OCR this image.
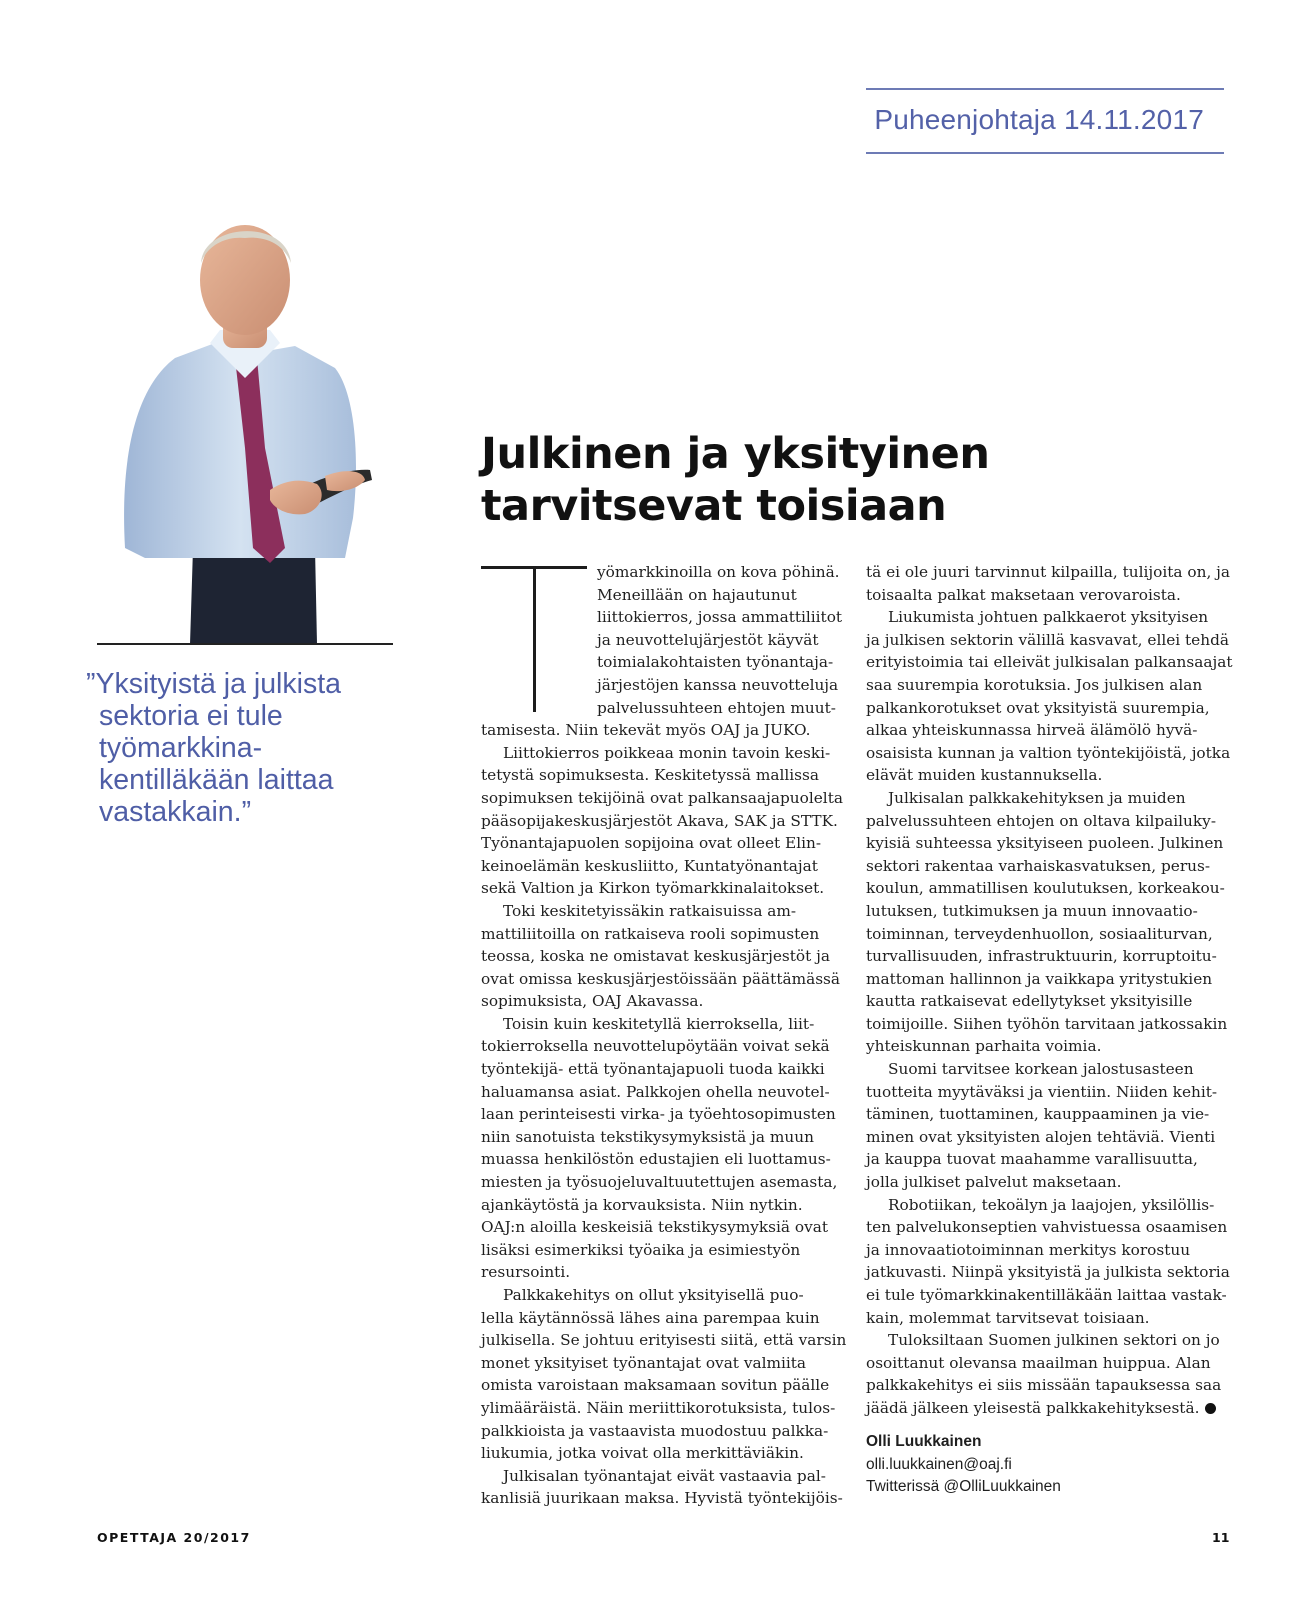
Puheenjohtaja 14.11.2017

”Yksityistä ja julkista
sektoria ei tule
työmarkkina-
kentilläkään laittaa
vastakkain.”

Julkinen ja yksityinen
tarvitsevat toisiaan
yömarkkinoilla on kova pöhinä.
Meneillään on hajautunut
liittokierros, jossa ammattiliitot
ja neuvottelujärjestöt käyvät
toimialakohtaisten työnantaja-
järjestöjen kanssa neuvotteluja
palvelussuhteen ehtojen muut-
tamisesta. Niin tekevät myös OAJ ja JUKO.
Liittokierros poikkeaa monin tavoin keski-
tetystä sopimuksesta. Keskitetyssä mallissa
sopimuksen tekijöinä ovat palkansaajapuolelta
pääsopijakeskusjärjestöt Akava, SAK ja STTK.
Työnantajapuolen sopijoina ovat olleet Elin-
keinoelämän keskusliitto, Kuntatyönantajat
sekä Valtion ja Kirkon työmarkkinalaitokset.
Toki keskitetyissäkin ratkaisuissa am-
mattiliitoilla on ratkaiseva rooli sopimusten
teossa, koska ne omistavat keskusjärjestöt ja
ovat omissa keskusjärjestöissään päättämässä
sopimuksista, OAJ Akavassa.
Toisin kuin keskitetyllä kierroksella, liit-
tokierroksella neuvottelupöytään voivat sekä
työntekijä- että työnantajapuoli tuoda kaikki
haluamansa asiat. Palkkojen ohella neuvotel-
laan perinteisesti virka- ja työehtosopimusten
niin sanotuista tekstikysymyksistä ja muun
muassa henkilöstön edustajien eli luottamus-
miesten ja työsuojeluvaltuutettujen asemasta,
ajankäytöstä ja korvauksista. Niin nytkin.
OAJ:n aloilla keskeisiä tekstikysymyksiä ovat
lisäksi esimerkiksi työaika ja esimiestyön
resursointi.
Palkkakehitys on ollut yksityisellä puo-
lella käytännössä lähes aina parempaa kuin
julkisella. Se johtuu erityisesti siitä, että varsin
monet yksityiset työnantajat ovat valmiita
omista varoistaan maksamaan sovitun päälle
ylimääräistä. Näin meriittikorotuksista, tulos-
palkkioista ja vastaavista muodostuu palkka-
liukumia, jotka voivat olla merkittäviäkin.
Julkisalan työnantajat eivät vastaavia pal-
kanlisiä juurikaan maksa. Hyvistä työntekijöis-
tä ei ole juuri tarvinnut kilpailla, tulijoita on, ja
toisaalta palkat maksetaan verovaroista.
Liukumista johtuen palkkaerot yksityisen
ja julkisen sektorin välillä kasvavat, ellei tehdä
erityistoimia tai elleivät julkisalan palkansaajat
saa suurempia korotuksia. Jos julkisen alan
palkankorotukset ovat yksityistä suurempia,
alkaa yhteiskunnassa hirveä älämölö hyvä-
osaisista kunnan ja valtion työntekijöistä, jotka
elävät muiden kustannuksella.
Julkisalan palkkakehityksen ja muiden
palvelussuhteen ehtojen on oltava kilpailuky-
kyisiä suhteessa yksityiseen puoleen. Julkinen
sektori rakentaa varhaiskasvatuksen, perus-
koulun, ammatillisen koulutuksen, korkeakou-
lutuksen, tutkimuksen ja muun innovaatio-
toiminnan, terveydenhuollon, sosiaaliturvan,
turvallisuuden, infrastruktuurin, korruptoitu-
mattoman hallinnon ja vaikkapa yritystukien
kautta ratkaisevat edellytykset yksityisille
toimijoille. Siihen työhön tarvitaan jatkossakin
yhteiskunnan parhaita voimia.
Suomi tarvitsee korkean jalostusasteen
tuotteita myytäväksi ja vientiin. Niiden kehit-
täminen, tuottaminen, kauppaaminen ja vie-
minen ovat yksityisten alojen tehtäviä. Vienti
ja kauppa tuovat maahamme varallisuutta,
jolla julkiset palvelut maksetaan.
Robotiikan, tekoälyn ja laajojen, yksilöllis-
ten palvelukonseptien vahvistuessa osaamisen
ja innovaatiotoiminnan merkitys korostuu
jatkuvasti. Niinpä yksityistä ja julkista sektoria
ei tule työmarkkinakentilläkään laittaa vastak-
kain, molemmat tarvitsevat toisiaan.
Tuloksiltaan Suomen julkinen sektori on jo
osoittanut olevansa maailman huippua. Alan
palkkakehitys ei siis missään tapauksessa saa
jäädä jälkeen yleisestä palkkakehityksestä.
Olli Luukkainen
olli.luukkainen@oaj.fi
Twitterissä @OlliLuukkainen
OPETTAJA 20/2017	11
